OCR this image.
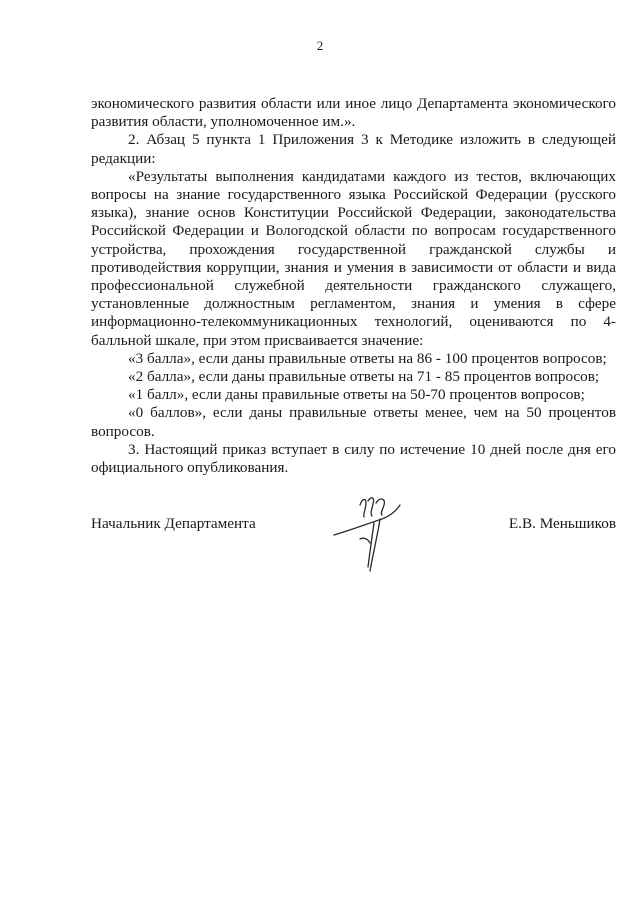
2

экономического развития области или иное лицо Департамента экономического развития области, уполномоченное им.».

2. Абзац 5 пункта 1 Приложения 3 к Методике изложить в следующей редакции:

«Результаты выполнения кандидатами каждого из тестов, включающих вопросы на знание государственного языка Российской Федерации (русского языка), знание основ Конституции Российской Федерации, законодательства Российской Федерации и Вологодской области по вопросам государственного устройства, прохождения государственной гражданской службы и противодействия коррупции, знания и умения в зависимости от области и вида профессиональной служебной деятельности гражданского служащего, установленные должностным регламентом, знания и умения в сфере информационно-телекоммуникационных технологий, оцениваются по 4-балльной шкале, при этом присваивается значение:

«3 балла», если даны правильные ответы на 86 - 100 процентов вопросов;

«2 балла», если даны правильные ответы на 71 - 85 процентов вопросов;

«1 балл», если даны правильные ответы на 50-70 процентов вопросов;

«0 баллов», если даны правильные ответы менее, чем на 50 процентов вопросов.

3. Настоящий приказ вступает в силу по истечение 10 дней после дня его официального опубликования.

Начальник Департамента	Е.В. Меньшиков
